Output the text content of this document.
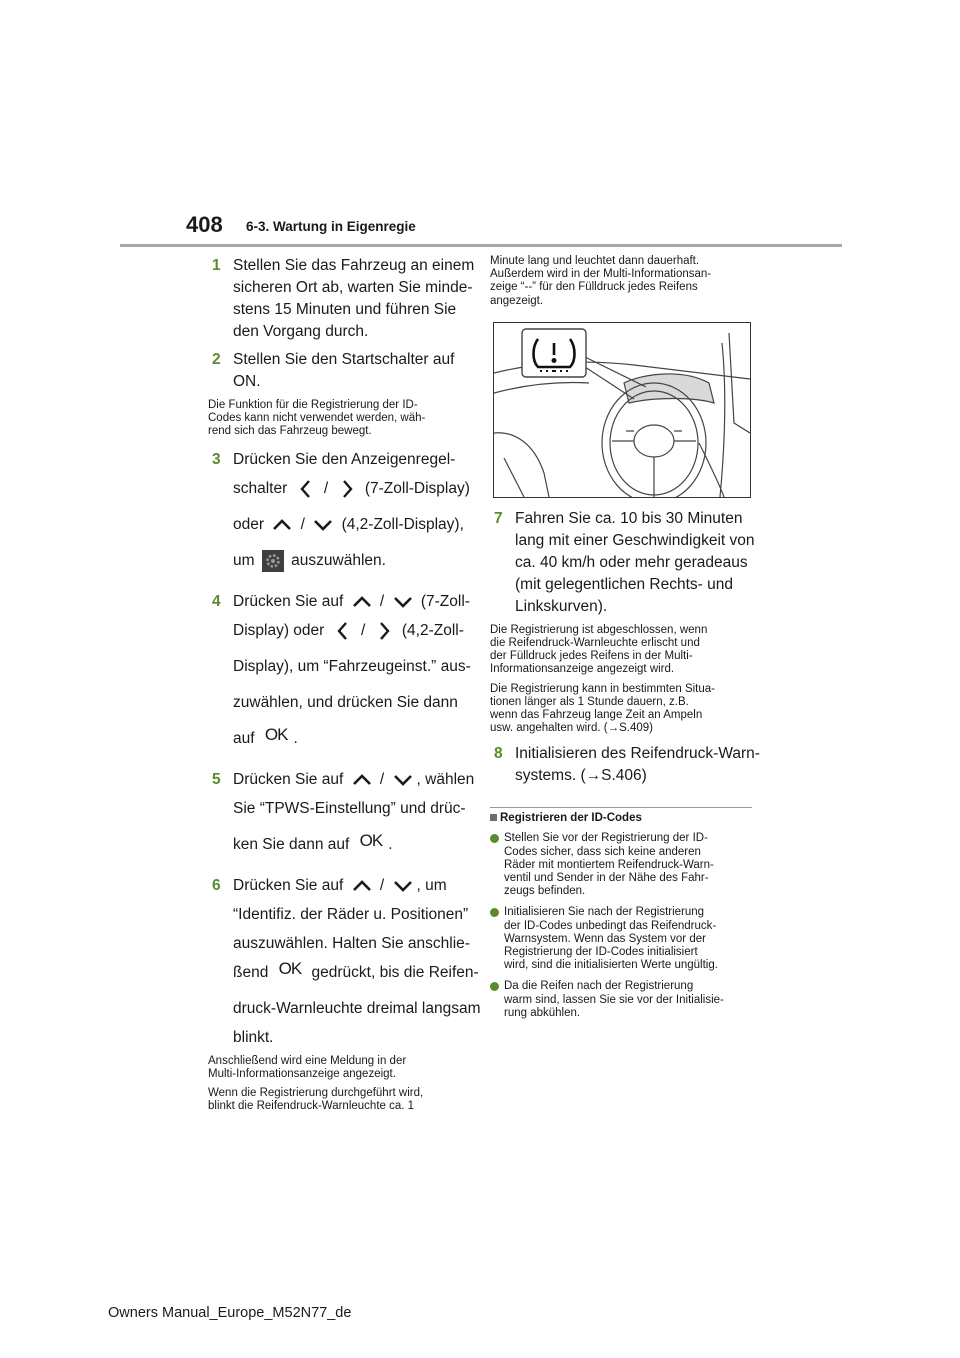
408 6-3. Wartung in Eigenregie
1 Stellen Sie das Fahrzeug an einem
sicheren Ort ab, warten Sie minde-
stens 15 Minuten und führen Sie
den Vorgang durch.
2 Stellen Sie den Startschalter auf
ON.
Die Funktion für die Registrierung der ID-
Codes kann nicht verwendet werden, wäh-
rend sich das Fahrzeug bewegt.
3 Drücken Sie den Anzeigenregel-
schalter / (7-Zoll-Display)
oder / (4,2-Zoll-Display),
um auszuwählen.
4 Drücken Sie auf / (7-Zoll-
Display) oder / (4,2-Zoll-
Display), um “Fahrzeugeinst.” aus-
zuwählen, und drücken Sie dann
auf OK .
5 Drücken Sie auf / , wählen
Sie “TPWS-Einstellung” und drüc-
ken Sie dann auf OK .
6 Drücken Sie auf / , um
“Identifiz. der Räder u. Positionen”
auszuwählen. Halten Sie anschlie-
ßend OK gedrückt, bis die Reifen-
druck-Warnleuchte dreimal langsam
blinkt.
Anschließend wird eine Meldung in der
Multi-Informationsanzeige angezeigt.
Wenn die Registrierung durchgeführt wird,
blinkt die Reifendruck-Warnleuchte ca. 1
Minute lang und leuchtet dann dauerhaft.
Außerdem wird in der Multi-Informationsan-
zeige “--” für den Fülldruck jedes Reifens
angezeigt.
7 Fahren Sie ca. 10 bis 30 Minuten
lang mit einer Geschwindigkeit von
ca. 40 km/h oder mehr geradeaus
(mit gelegentlichen Rechts- und
Linkskurven).
Die Registrierung ist abgeschlossen, wenn
die Reifendruck-Warnleuchte erlischt und
der Fülldruck jedes Reifens in der Multi-
Informationsanzeige angezeigt wird.
Die Registrierung kann in bestimmten Situa-
tionen länger als 1 Stunde dauern, z.B.
wenn das Fahrzeug lange Zeit an Ampeln
usw. angehalten wird. (→S.409)
8 Initialisieren des Reifendruck-Warn-
systems. (→S.406)
Registrieren der ID-Codes
Stellen Sie vor der Registrierung der ID-
Codes sicher, dass sich keine anderen
Räder mit montiertem Reifendruck-Warn-
ventil und Sender in der Nähe des Fahr-
zeugs befinden.
Initialisieren Sie nach der Registrierung
der ID-Codes unbedingt das Reifendruck-
Warnsystem. Wenn das System vor der
Registrierung der ID-Codes initialisiert
wird, sind die initialisierten Werte ungültig.
Da die Reifen nach der Registrierung
warm sind, lassen Sie sie vor der Initialisie-
rung abkühlen.
Owners Manual_Europe_M52N77_de
